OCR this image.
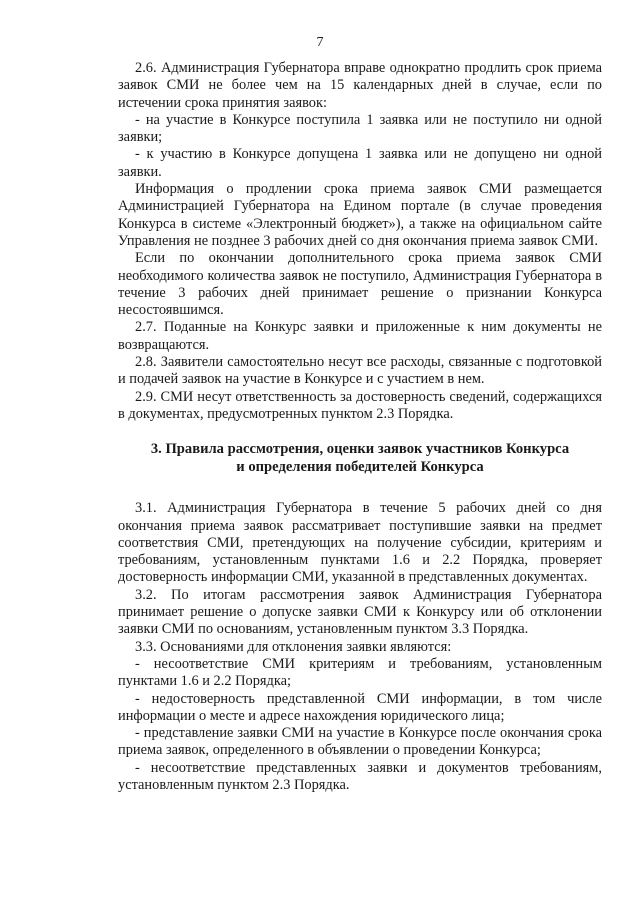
7

2.6. Администрация Губернатора вправе однократно продлить срок приема заявок СМИ не более чем на 15 календарных дней в случае, если по истечении срока принятия заявок:

- на участие в Конкурсе поступила 1 заявка или не поступило ни одной заявки;

- к участию в Конкурсе допущена 1 заявка или не допущено ни одной заявки.

Информация о продлении срока приема заявок СМИ размещается Администрацией Губернатора на Едином портале (в случае проведения Конкурса в системе «Электронный бюджет»), а также на официальном сайте Управления не позднее 3 рабочих дней со дня окончания приема заявок СМИ.

Если по окончании дополнительного срока приема заявок СМИ необходимого количества заявок не поступило, Администрация Губернатора в течение 3 рабочих дней принимает решение о признании Конкурса несостоявшимся.

2.7. Поданные на Конкурс заявки и приложенные к ним документы не возвращаются.

2.8. Заявители самостоятельно несут все расходы, связанные с подготовкой и подачей заявок на участие в Конкурсе и с участием в нем.

2.9. СМИ несут ответственность за достоверность сведений, содержащихся в документах, предусмотренных пунктом 2.3 Порядка.

3. Правила рассмотрения, оценки заявок участников Конкурса
и определения победителей Конкурса

3.1. Администрация Губернатора в течение 5 рабочих дней со дня окончания приема заявок рассматривает поступившие заявки на предмет соответствия СМИ, претендующих на получение субсидии, критериям и требованиям, установленным пунктами 1.6 и 2.2 Порядка, проверяет достоверность информации СМИ, указанной в представленных документах.

3.2. По итогам рассмотрения заявок Администрация Губернатора принимает решение о допуске заявки СМИ к Конкурсу или об отклонении заявки СМИ по основаниям, установленным пунктом 3.3 Порядка.

3.3. Основаниями для отклонения заявки являются:

- несоответствие СМИ критериям и требованиям, установленным пунктами 1.6 и 2.2 Порядка;

- недостоверность представленной СМИ информации, в том числе информации о месте и адресе нахождения юридического лица;

- представление заявки СМИ на участие в Конкурсе после окончания срока приема заявок, определенного в объявлении о проведении Конкурса;

- несоответствие представленных заявки и документов требованиям, установленным пунктом 2.3 Порядка.
